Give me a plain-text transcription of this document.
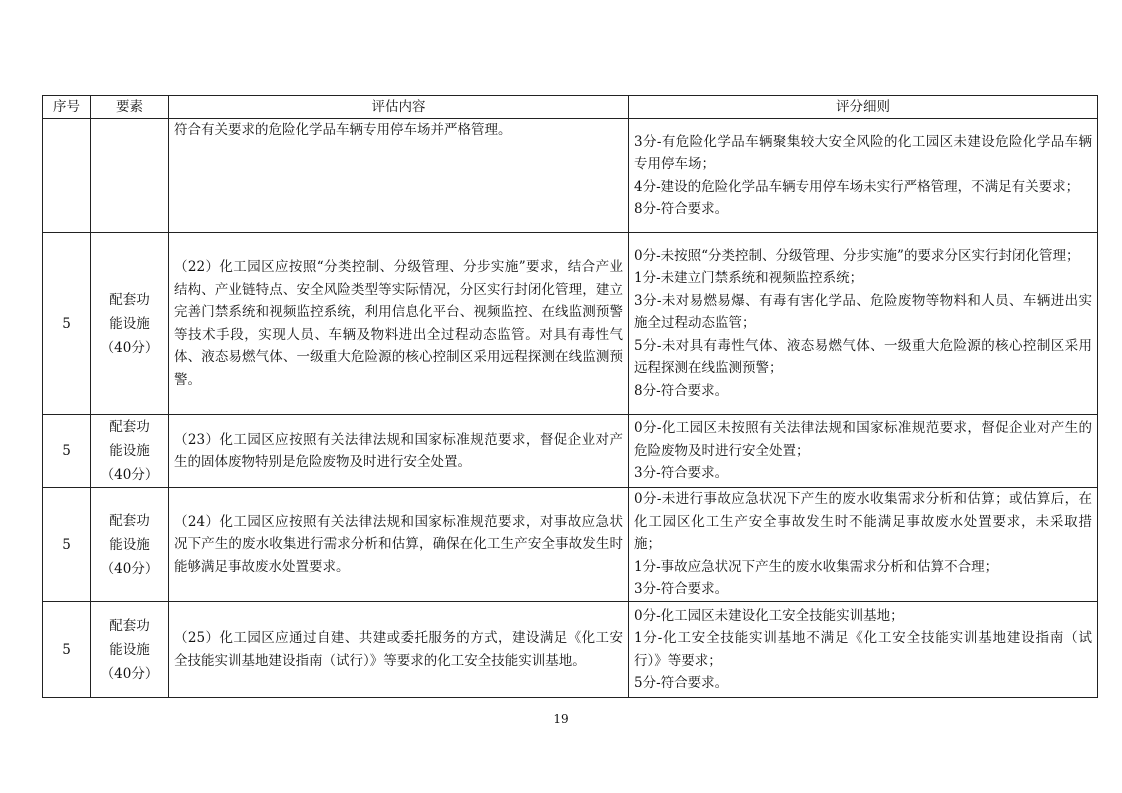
序号	要素	评估内容	评分细则

	符合有关要求的危险化学品车辆专用停车场并严格管理。	3分-有危险化学品车辆聚集较大安全风险的化工园区未建设危险化学品车辆专用停车场；
4分-建设的危险化学品车辆专用停车场未实行严格管理，不满足有关要求；
8分-符合要求。

5	配套功
能设施
（40分）	（22）化工园区应按照“分类控制、分级管理、分步实施”要求，结合产业结构、产业链特点、安全风险类型等实际情况，分区实行封闭化管理，建立完善门禁系统和视频监控系统，利用信息化平台、视频监控、在线监测预警等技术手段，实现人员、车辆及物料进出全过程动态监管。对具有毒性气体、液态易燃气体、一级重大危险源的核心控制区采用远程探测在线监测预警。	0分-未按照“分类控制、分级管理、分步实施”的要求分区实行封闭化管理；
1分-未建立门禁系统和视频监控系统；
3分-未对易燃易爆、有毒有害化学品、危险废物等物料和人员、车辆进出实施全过程动态监管；
5分-未对具有毒性气体、液态易燃气体、一级重大危险源的核心控制区采用远程探测在线监测预警；
8分-符合要求。

5	配套功
能设施
（40分）	（23）化工园区应按照有关法律法规和国家标准规范要求，督促企业对产生的固体废物特别是危险废物及时进行安全处置。	0分-化工园区未按照有关法律法规和国家标准规范要求，督促企业对产生的危险废物及时进行安全处置；
3分-符合要求。

5	配套功
能设施
（40分）	（24）化工园区应按照有关法律法规和国家标准规范要求，对事故应急状况下产生的废水收集进行需求分析和估算，确保在化工生产安全事故发生时能够满足事故废水处置要求。	0分-未进行事故应急状况下产生的废水收集需求分析和估算；或估算后，在化工园区化工生产安全事故发生时不能满足事故废水处置要求，未采取措施；
1分-事故应急状况下产生的废水收集需求分析和估算不合理；
3分-符合要求。

5	配套功
能设施
（40分）	（25）化工园区应通过自建、共建或委托服务的方式，建设满足《化工安全技能实训基地建设指南（试行）》等要求的化工安全技能实训基地。	0分-化工园区未建设化工安全技能实训基地；
1分-化工安全技能实训基地不满足《化工安全技能实训基地建设指南（试行）》等要求；
5分-符合要求。
19
